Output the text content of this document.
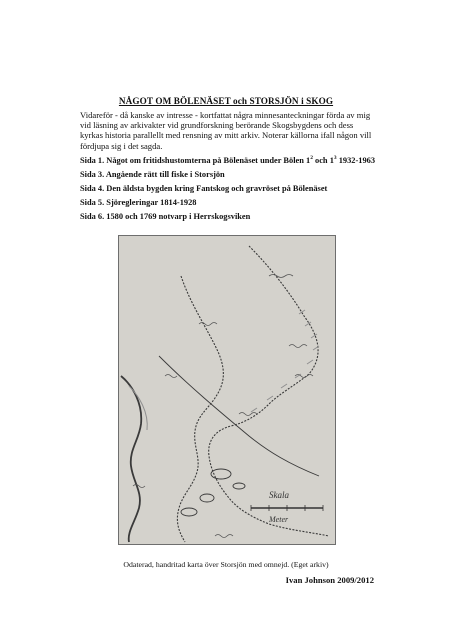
NÅGOT OM BÖLENÄSET och STORSJÖN i SKOG
Vidareför - då kanske av intresse - kortfattat några minnesanteckningar förda av mig vid läsning av arkivakter vid grundforskning berörande Skogsbygdens och dess kyrkas historia parallellt med rensning av mitt arkiv. Noterar källorna ifall någon vill fördjupa sig i det sagda.
Sida 1. Något om fritidshustomterna på Bölenäset under Bölen $1^2$ och $1^3$ 1932-1963
Sida 3. Angående rätt till fiske i Storsjön
Sida 4. Den äldsta bygden kring Fantskog och gravröset på Bölenäset
Sida 5. Sjöregleringar 1814-1928
Sida 6. 1580 och 1769 notvarp i Herrskogsviken
Skala
Meter
Odaterad, handritad karta över Storsjön med omnejd. (Eget arkiv)
Ivan Johnson 2009/2012
